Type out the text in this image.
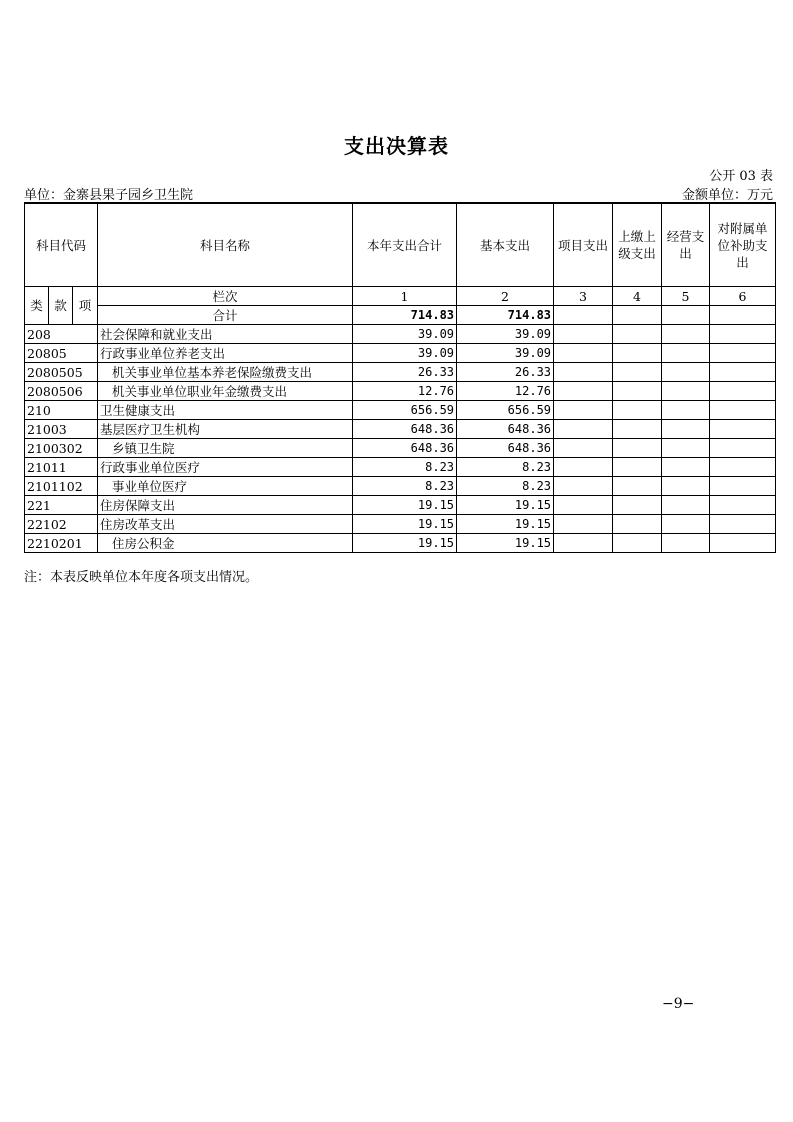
支出决算表
公开 03 表
单位：金寨县果子园乡卫生院	金额单位：万元
科目代码			科目名称	本年支出合计	基本支出	项目支出	上缴上级支出	经营支出	对附属单位补助支出
类	款	项	栏次	1	2	3	4	5	6
			合计	714.83	714.83				
208			社会保障和就业支出	39.09	39.09				
20805			行政事业单位养老支出	39.09	39.09				
2080505			机关事业单位基本养老保险缴费支出	26.33	26.33				
2080506			机关事业单位职业年金缴费支出	12.76	12.76				
210			卫生健康支出	656.59	656.59				
21003			基层医疗卫生机构	648.36	648.36				
2100302			乡镇卫生院	648.36	648.36				
21011			行政事业单位医疗	8.23	8.23				
2101102			事业单位医疗	8.23	8.23				
221			住房保障支出	19.15	19.15				
22102			住房改革支出	19.15	19.15				
2210201			住房公积金	19.15	19.15				
注：本表反映单位本年度各项支出情况。
−9−
